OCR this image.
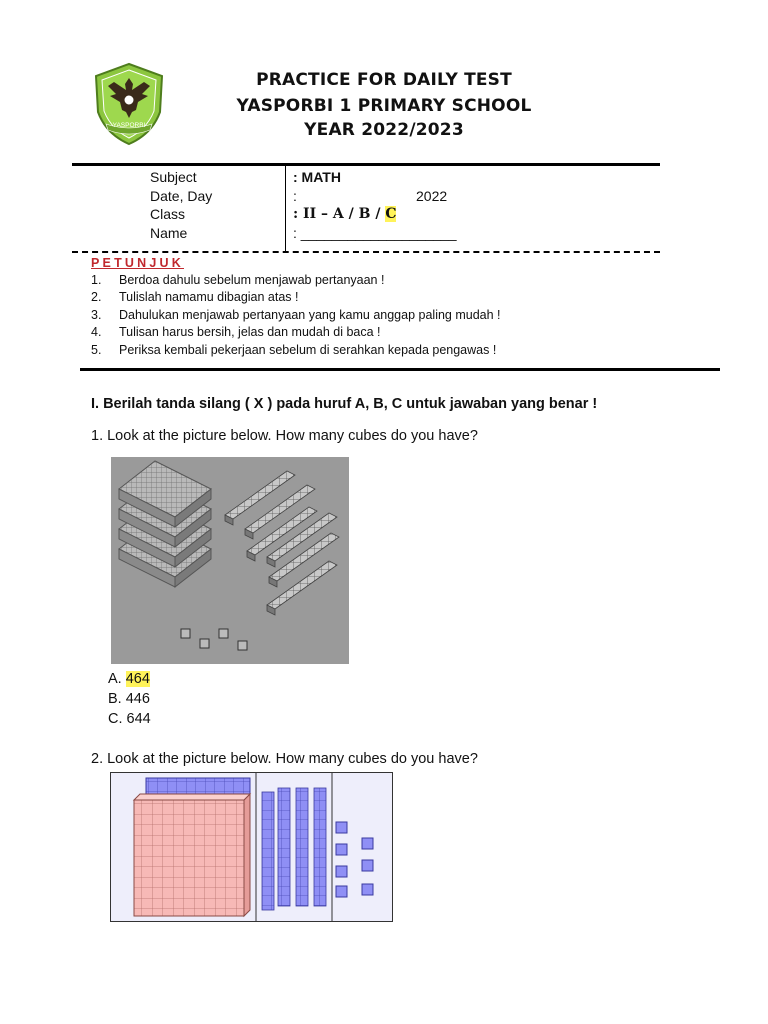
YASPORBI
PRACTICE FOR DAILY TEST
YASPORBI 1 PRIMARY SCHOOL
YEAR 2022/2023
Subject	: MATH
Date, Day	:	2022
Class	: II – A / B / C
Name	: ____________________
PETUNJUK
1. Berdoa dahulu sebelum menjawab pertanyaan !
2. Tulislah namamu dibagian atas !
3. Dahulukan menjawab pertanyaan yang kamu anggap paling mudah !
4. Tulisan harus bersih, jelas dan mudah di baca !
5. Periksa kembali pekerjaan sebelum di serahkan kepada pengawas !
I. Berilah tanda silang ( X ) pada huruf A, B, C untuk jawaban yang benar !
1. Look at the picture below. How many cubes do you have?
A. 464
B. 446
C. 644
2. Look at the picture below. How many cubes do you have?
